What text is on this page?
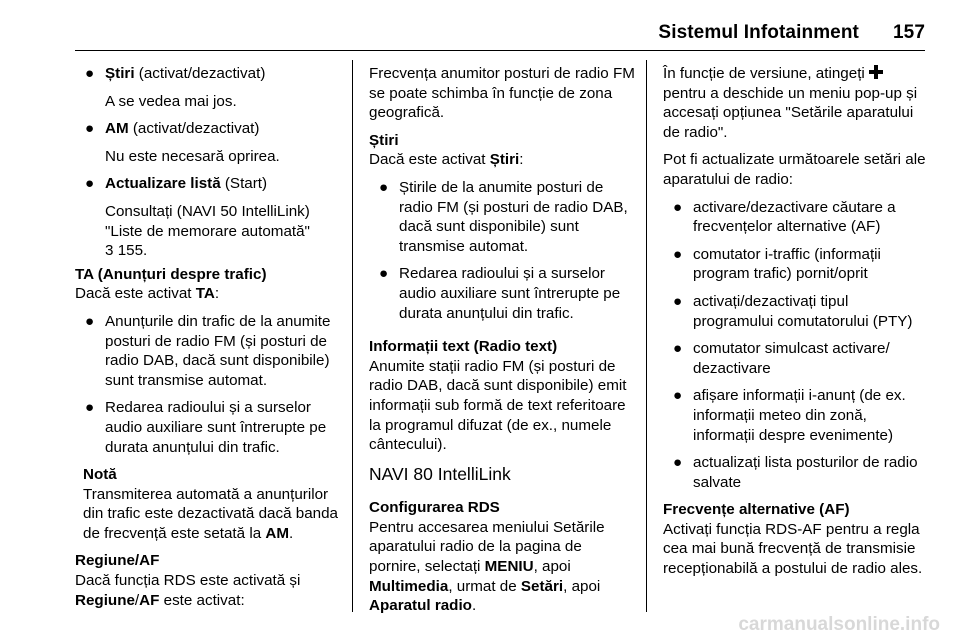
Sistemul Infotainment 157
● Știri (activat/dezactivat)
A se vedea mai jos.
● AM (activat/dezactivat)
Nu este necesară oprirea.
● Actualizare listă (Start)
Consultați (NAVI 50 IntelliLink) "Liste de memorare automată"
3 155.

TA (Anunțuri despre trafic)
Dacă este activat TA:

● Anunțurile din trafic de la anumite posturi de radio FM (și posturi de radio DAB, dacă sunt disponibile) sunt transmise automat.
● Redarea radioului și a surselor audio auxiliare sunt întrerupte pe durata anunțului din trafic.

Notă
Transmiterea automată a anunțurilor din trafic este dezactivată dacă banda de frecvență este setată la AM.

Regiune/AF
Dacă funcția RDS este activată și Regiune/AF este activat:

Frecvența anumitor posturi de radio FM se poate schimba în funcție de zona geografică.

Știri
Dacă este activat Știri:

● Știrile de la anumite posturi de radio FM (și posturi de radio DAB, dacă sunt disponibile) sunt transmise automat.
● Redarea radioului și a surselor audio auxiliare sunt întrerupte pe durata anunțului din trafic.

Informații text (Radio text)
Anumite stații radio FM (și posturi de radio DAB, dacă sunt disponibile) emit informații sub formă de text referitoare la programul difuzat (de ex., numele cântecului).

NAVI 80 IntelliLink

Configurarea RDS
Pentru accesarea meniului Setările aparatului radio de la pagina de pornire, selectați MENIU, apoi Multimedia, urmat de Setări, apoi Aparatul radio.

În funcție de versiune, atingeți pentru a deschide un meniu pop-up și accesați opțiunea "Setările aparatului de radio".

Pot fi actualizate următoarele setări ale aparatului de radio:

● activare/dezactivare căutare a frecvențelor alternative (AF)
● comutator i-traffic (informații program trafic) pornit/oprit
● activați/dezactivați tipul programului comutatorului (PTY)
● comutator simulcast activare/ dezactivare
● afișare informații i-anunț (de ex. informații meteo din zonă, informații despre evenimente)
● actualizați lista posturilor de radio salvate

Frecvențe alternative (AF)
Activați funcția RDS-AF pentru a regla cea mai bună frecvență de transmisie recepționabilă a postului de radio ales.

carmanualsonline.info
